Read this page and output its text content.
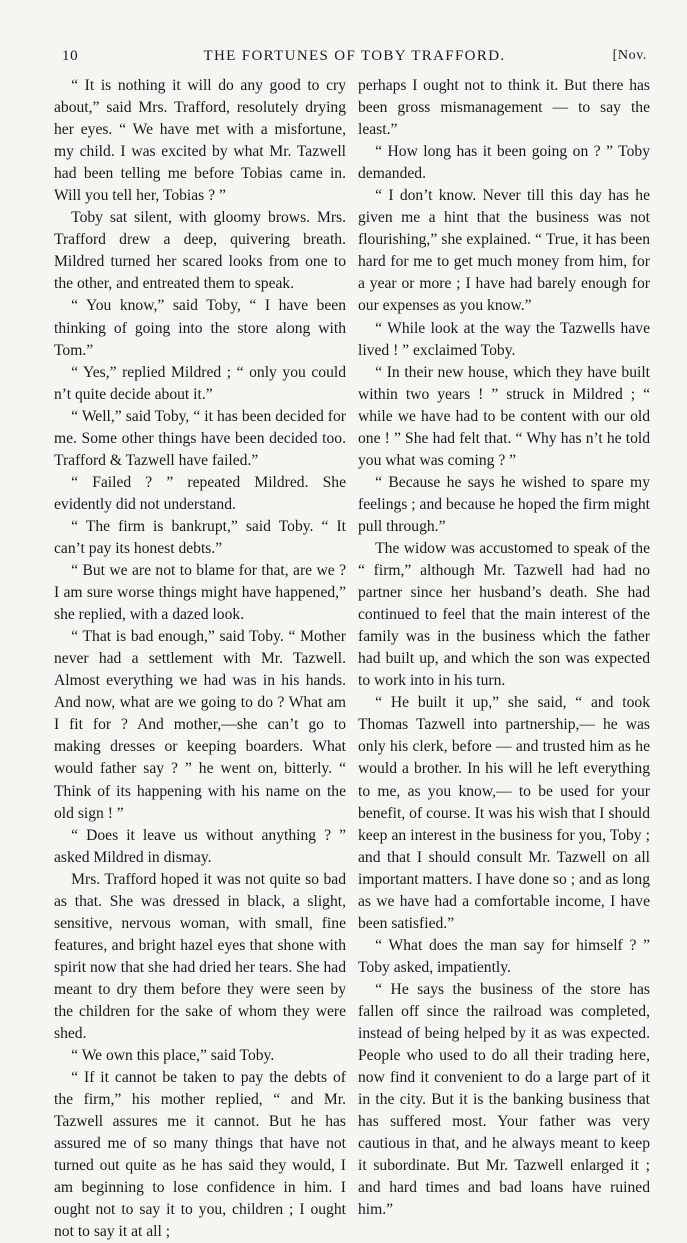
10	THE FORTUNES OF TOBY TRAFFORD.	[Nov.

“ It is nothing it will do any good to cry about,” said Mrs. Trafford, resolutely drying her eyes. “ We have met with a misfortune, my child. I was excited by what Mr. Tazwell had been telling me before Tobias came in. Will you tell her, Tobias ? ”

Toby sat silent, with gloomy brows. Mrs. Trafford drew a deep, quivering breath. Mildred turned her scared looks from one to the other, and entreated them to speak.

“ You know,” said Toby, “ I have been thinking of going into the store along with Tom.”

“ Yes,” replied Mildred ; “ only you could n’t quite decide about it.”

“ Well,” said Toby, “ it has been decided for me. Some other things have been decided too. Trafford & Tazwell have failed.”

“ Failed ? ” repeated Mildred. She evidently did not understand.

“ The firm is bankrupt,” said Toby. “ It can’t pay its honest debts.”

“ But we are not to blame for that, are we ? I am sure worse things might have happened,” she replied, with a dazed look.

“ That is bad enough,” said Toby. “ Mother never had a settlement with Mr. Tazwell. Almost everything we had was in his hands. And now, what are we going to do ? What am I fit for ? And mother,—she can’t go to making dresses or keeping boarders. What would father say ? ” he went on, bitterly. “ Think of its happening with his name on the old sign ! ”

“ Does it leave us without anything ? ” asked Mildred in dismay.

Mrs. Trafford hoped it was not quite so bad as that. She was dressed in black, a slight, sensitive, nervous woman, with small, fine features, and bright hazel eyes that shone with spirit now that she had dried her tears. She had meant to dry them before they were seen by the children for the sake of whom they were shed.

“ We own this place,” said Toby.

“ If it cannot be taken to pay the debts of the firm,” his mother replied, “ and Mr. Tazwell assures me it cannot. But he has assured me of so many things that have not turned out quite as he has said they would, I am beginning to lose confidence in him. I ought not to say it to you, children ; I ought not to say it at all ;

perhaps I ought not to think it. But there has been gross mismanagement — to say the least.”

“ How long has it been going on ? ” Toby demanded.

“ I don’t know. Never till this day has he given me a hint that the business was not flourishing,” she explained. “ True, it has been hard for me to get much money from him, for a year or more ; I have had barely enough for our expenses as you know.”

“ While look at the way the Tazwells have lived ! ” exclaimed Toby.

“ In their new house, which they have built within two years ! ” struck in Mildred ; “ while we have had to be content with our old one ! ” She had felt that. “ Why has n’t he told you what was coming ? ”

“ Because he says he wished to spare my feelings ; and because he hoped the firm might pull through.”

The widow was accustomed to speak of the “ firm,” although Mr. Tazwell had had no partner since her husband’s death. She had continued to feel that the main interest of the family was in the business which the father had built up, and which the son was expected to work into in his turn.

“ He built it up,” she said, “ and took Thomas Tazwell into partnership,— he was only his clerk, before — and trusted him as he would a brother. In his will he left everything to me, as you know,— to be used for your benefit, of course. It was his wish that I should keep an interest in the business for you, Toby ; and that I should consult Mr. Tazwell on all important matters. I have done so ; and as long as we have had a comfortable income, I have been satisfied.”

“ What does the man say for himself ? ” Toby asked, impatiently.

“ He says the business of the store has fallen off since the railroad was completed, instead of being helped by it as was expected. People who used to do all their trading here, now find it convenient to do a large part of it in the city. But it is the banking business that has suffered most. Your father was very cautious in that, and he always meant to keep it subordinate. But Mr. Tazwell enlarged it ; and hard times and bad loans have ruined him.”
